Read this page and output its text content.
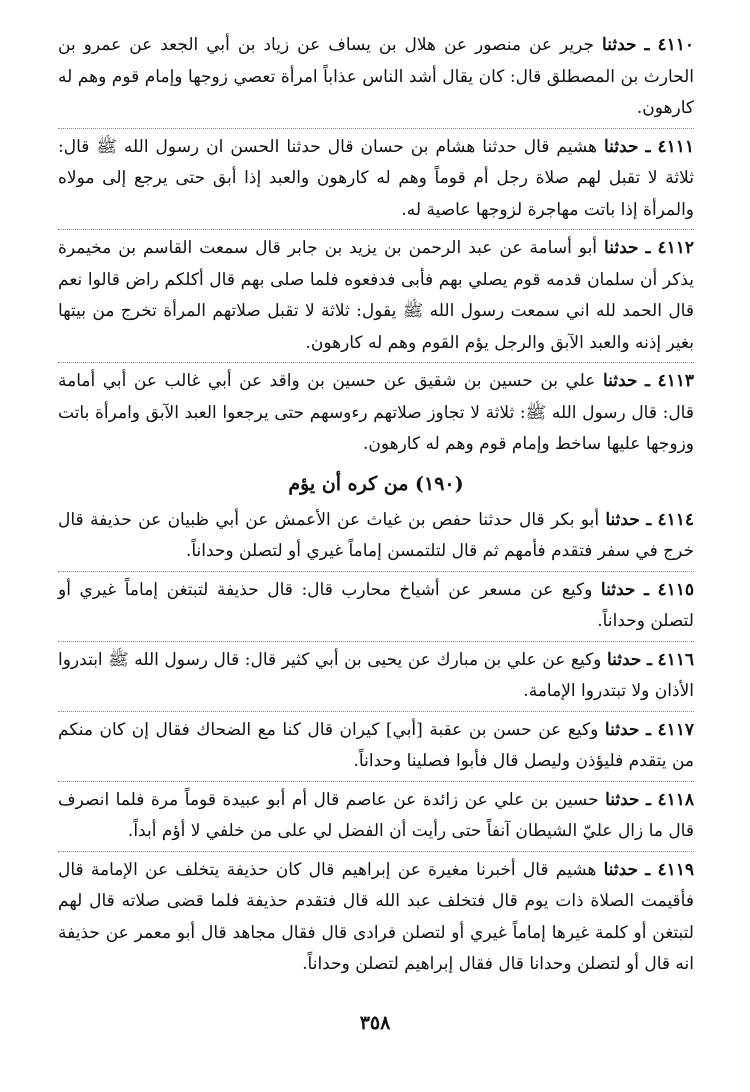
٤١١٠ ـ حدثنا جرير عن منصور عن هلال بن يساف عن زياد بن أبي الجعد عن عمرو بن الحارث بن المصطلق قال: كان يقال أشد الناس عذاباً امرأة تعصي زوجها وإمام قوم وهم له كارهون.

٤١١١ ـ حدثنا هشيم قال حدثنا هشام بن حسان قال حدثنا الحسن ان رسول الله ﷺ قال: ثلاثة لا تقبل لهم صلاة رجل أم قوماً وهم له كارهون والعبد إذا أبق حتى يرجع إلى مولاه والمرأة إذا باتت مهاجرة لزوجها عاصية له.

٤١١٢ ـ حدثنا أبو أسامة عن عبد الرحمن بن يزيد بن جابر قال سمعت القاسم بن مخيمرة يذكر أن سلمان قدمه قوم يصلي بهم فأبى فدفعوه فلما صلى بهم قال أكلكم راض قالوا نعم قال الحمد لله اني سمعت رسول الله ﷺ يقول: ثلاثة لا تقبل صلاتهم المرأة تخرج من بيتها بغير إذنه والعبد الآبق والرجل يؤم القوم وهم له كارهون.

٤١١٣ ـ حدثنا علي بن حسين بن شقيق عن حسين بن واقد عن أبي غالب عن أبي أمامة قال: قال رسول الله ﷺ: ثلاثة لا تجاوز صلاتهم رءوسهم حتى يرجعوا العبد الآبق وامرأة باتت وزوجها عليها ساخط وإمام قوم وهم له كارهون.

(١٩٠) من كره أن يؤم

٤١١٤ ـ حدثنا أبو بكر قال حدثنا حفص بن غياث عن الأعمش عن أبي ظبيان عن حذيفة قال خرج في سفر فتقدم فأمهم ثم قال لتلتمسن إماماً غيري أو لتصلن وحداناً.

٤١١٥ ـ حدثنا وكيع عن مسعر عن أشياخ محارب قال: قال حذيفة لتبتغن إماماً غيري أو لتصلن وحداناً.

٤١١٦ ـ حدثنا وكيع عن علي بن مبارك عن يحيى بن أبي كثير قال: قال رسول الله ﷺ ابتدروا الأذان ولا تبتدروا الإمامة.

٤١١٧ ـ حدثنا وكيع عن حسن بن عقبة [أبي] كيران قال كنا مع الضحاك فقال إن كان منكم من يتقدم فليؤذن وليصل قال فأبوا فصلينا وحداناً.

٤١١٨ ـ حدثنا حسين بن علي عن زائدة عن عاصم قال أم أبو عبيدة قوماً مرة فلما انصرف قال ما زال عليّ الشيطان آنفاً حتى رأيت أن الفضل لي على من خلفي لا أؤم أبداً.

٤١١٩ ـ حدثنا هشيم قال أخبرنا مغيرة عن إبراهيم قال كان حذيفة يتخلف عن الإمامة قال فأقيمت الصلاة ذات يوم قال فتخلف عبد الله قال فتقدم حذيفة فلما قضى صلاته قال لهم لتبتغن أو كلمة غيرها إماماً غيري أو لتصلن فرادى قال فقال مجاهد قال أبو معمر عن حذيفة انه قال أو لتصلن وحدانا قال فقال إبراهيم لتصلن وحداناً.

٣٥٨
